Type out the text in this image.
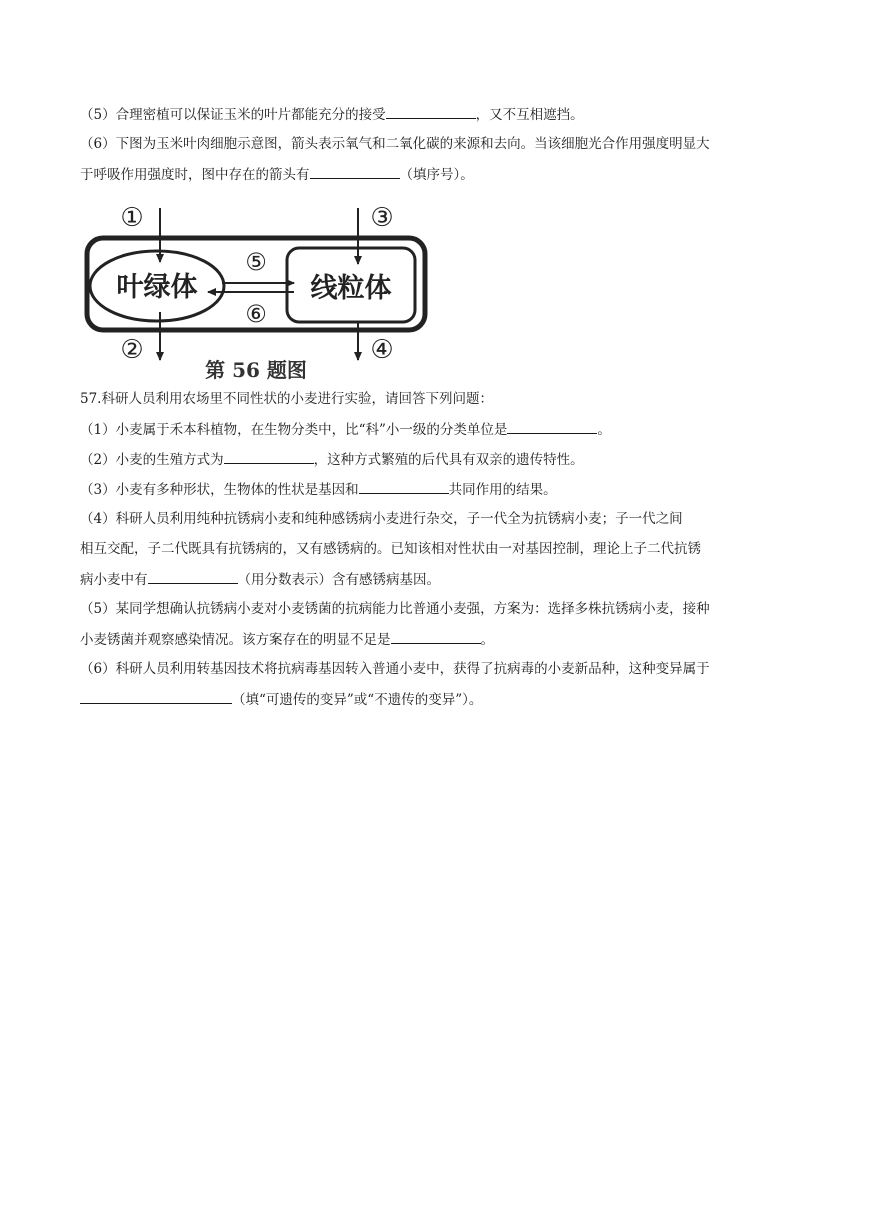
（5）合理密植可以保证玉米的叶片都能充分的接受	，又不互相遮挡。
（6）下图为玉米叶肉细胞示意图，箭头表示氧气和二氧化碳的来源和去向。当该细胞光合作用强度明显大
于呼吸作用强度时，图中存在的箭头有	（填序号）。
叶绿体	线粒体
①
②
③
④
⑤
⑥
第 56 题图
57.科研人员利用农场里不同性状的小麦进行实验，请回答下列问题：
（1）小麦属于禾本科植物，在生物分类中，比“科”小一级的分类单位是	。
（2）小麦的生殖方式为	，这种方式繁殖的后代具有双亲的遗传特性。
（3）小麦有多种形状，生物体的性状是基因和	共同作用的结果。
（4）科研人员利用纯种抗锈病小麦和纯种感锈病小麦进行杂交，子一代全为抗锈病小麦；子一代之间
相互交配，子二代既具有抗锈病的，又有感锈病的。已知该相对性状由一对基因控制，理论上子二代抗锈
病小麦中有	（用分数表示）含有感锈病基因。
（5）某同学想确认抗锈病小麦对小麦锈菌的抗病能力比普通小麦强，方案为：选择多株抗锈病小麦，接种
小麦锈菌并观察感染情况。该方案存在的明显不足是	。
（6）科研人员利用转基因技术将抗病毒基因转入普通小麦中，获得了抗病毒的小麦新品种，这种变异属于
（填“可遗传的变异”或“不遗传的变异”）。
